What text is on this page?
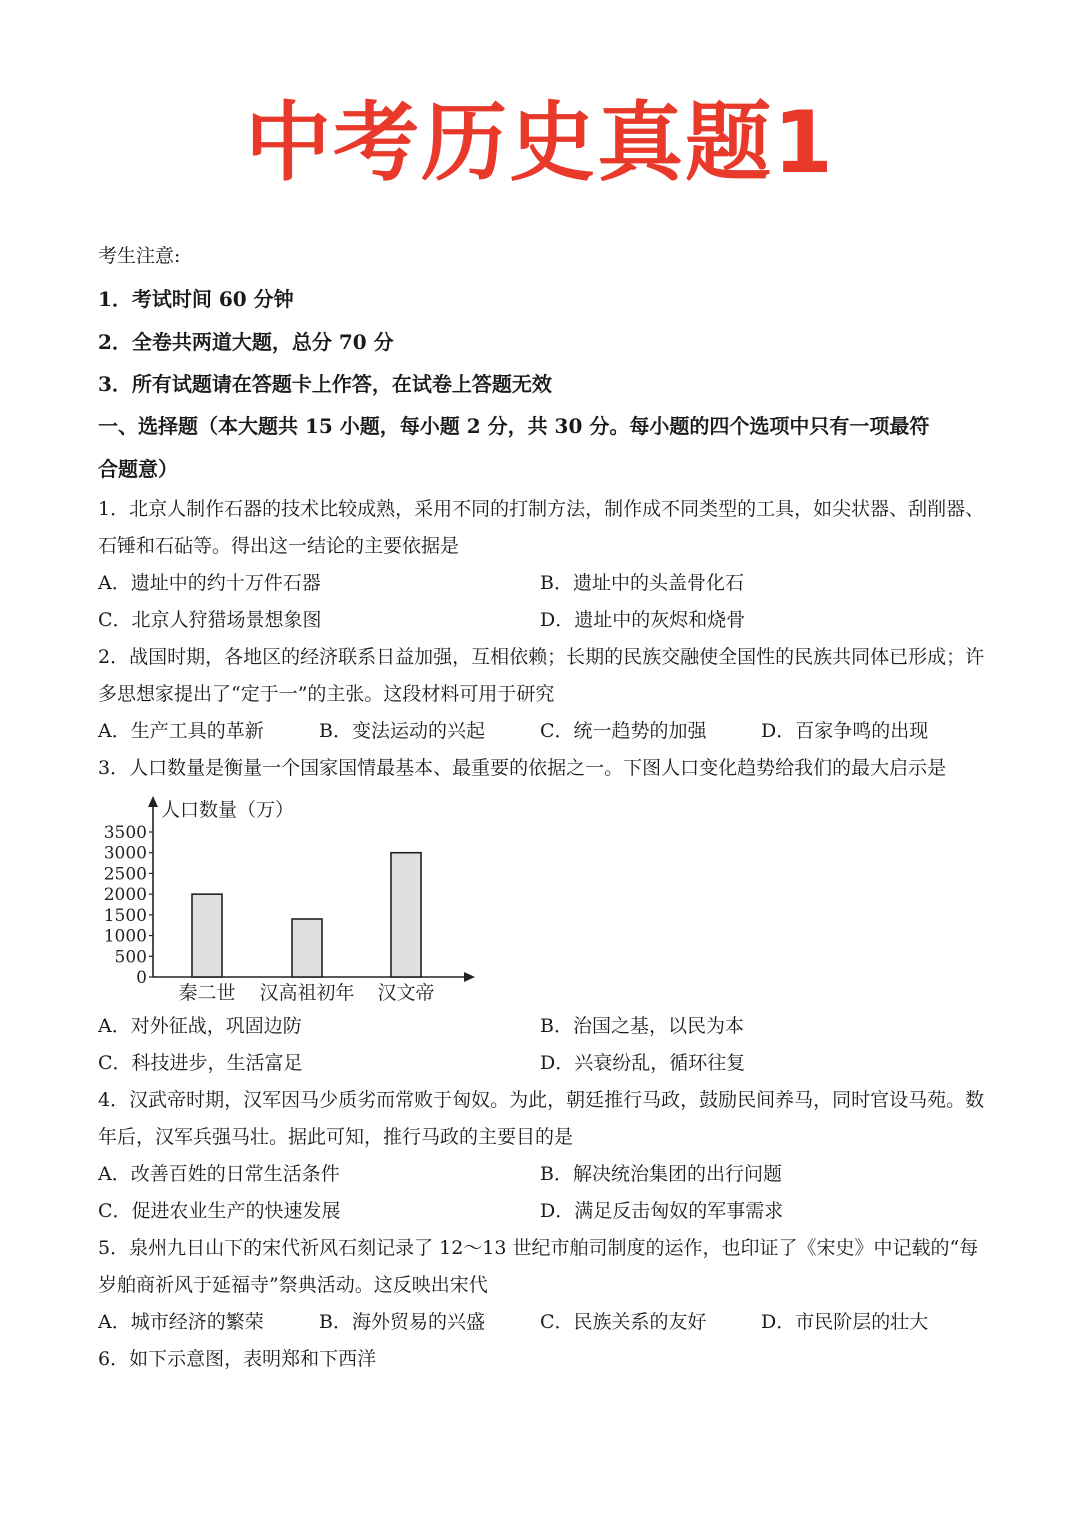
中考历史真题1
考生注意:
1．考试时间 60 分钟
2．全卷共两道大题，总分 70 分
3．所有试题请在答题卡上作答，在试卷上答题无效
一、选择题（本大题共 15 小题，每小题 2 分，共 30 分。每小题的四个选项中只有一项最符
合题意）
1．北京人制作石器的技术比较成熟，采用不同的打制方法，制作成不同类型的工具，如尖状器、刮削器、
石锤和石砧等。得出这一结论的主要依据是
A．遗址中的约十万件石器	B．遗址中的头盖骨化石
C．北京人狩猎场景想象图	D．遗址中的灰烬和烧骨
2．战国时期，各地区的经济联系日益加强，互相依赖；长期的民族交融使全国性的民族共同体已形成；许
多思想家提出了“定于一”的主张。这段材料可用于研究
A．生产工具的革新	B．变法运动的兴起	C．统一趋势的加强	D．百家争鸣的出现
3．人口数量是衡量一个国家国情最基本、最重要的依据之一。下图人口变化趋势给我们的最大启示是
人口数量（万）
3500
3000
2500
2000
1500
1000
500
0
秦二世 汉高祖初年 汉文帝
A．对外征战，巩固边防	B．治国之基，以民为本
C．科技进步，生活富足	D．兴衰纷乱，循环往复
4．汉武帝时期，汉军因马少质劣而常败于匈奴。为此，朝廷推行马政，鼓励民间养马，同时官设马苑。数
年后，汉军兵强马壮。据此可知，推行马政的主要目的是
A．改善百姓的日常生活条件	B．解决统治集团的出行问题
C．促进农业生产的快速发展	D．满足反击匈奴的军事需求
5．泉州九日山下的宋代祈风石刻记录了 12～13 世纪市舶司制度的运作，也印证了《宋史》中记载的“每
岁舶商祈风于延福寺”祭典活动。这反映出宋代
A．城市经济的繁荣	B．海外贸易的兴盛	C．民族关系的友好	D．市民阶层的壮大
6．如下示意图，表明郑和下西洋
